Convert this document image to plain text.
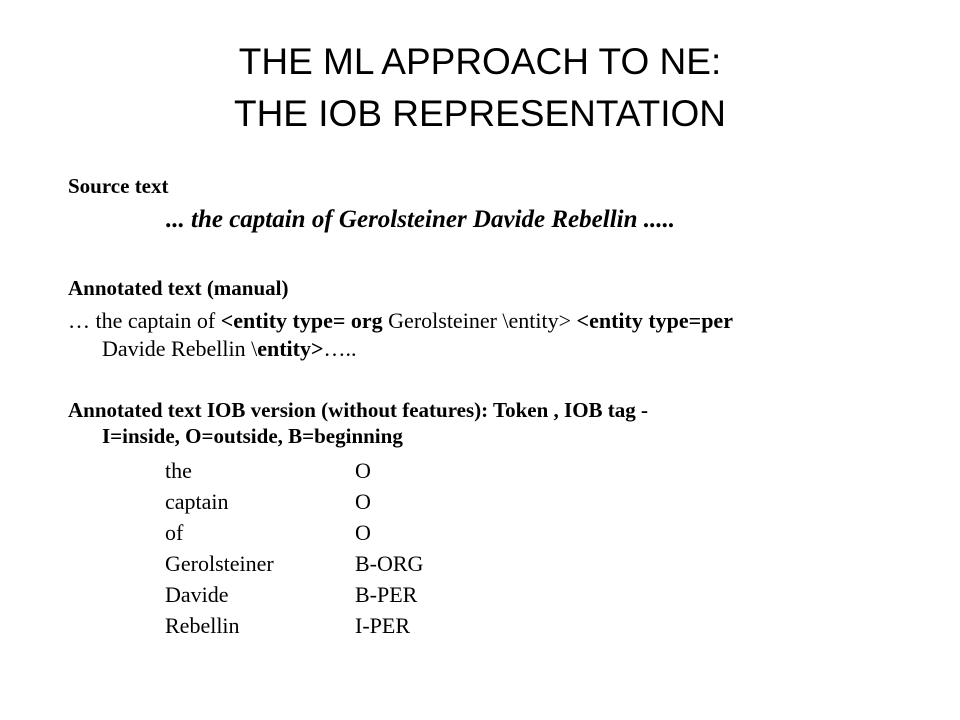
THE ML APPROACH TO NE:
THE IOB REPRESENTATION
Source text
... the captain of Gerolsteiner Davide Rebellin .....
Annotated text (manual)
… the captain of <entity type= org Gerolsteiner \entity> <entity type=per
Davide Rebellin \entity>…..
Annotated text IOB version (without features): Token , IOB tag -
I=inside, O=outside, B=beginning
the	O
captain	O
of	O
Gerolsteiner	B-ORG
Davide	B-PER
Rebellin	I-PER
